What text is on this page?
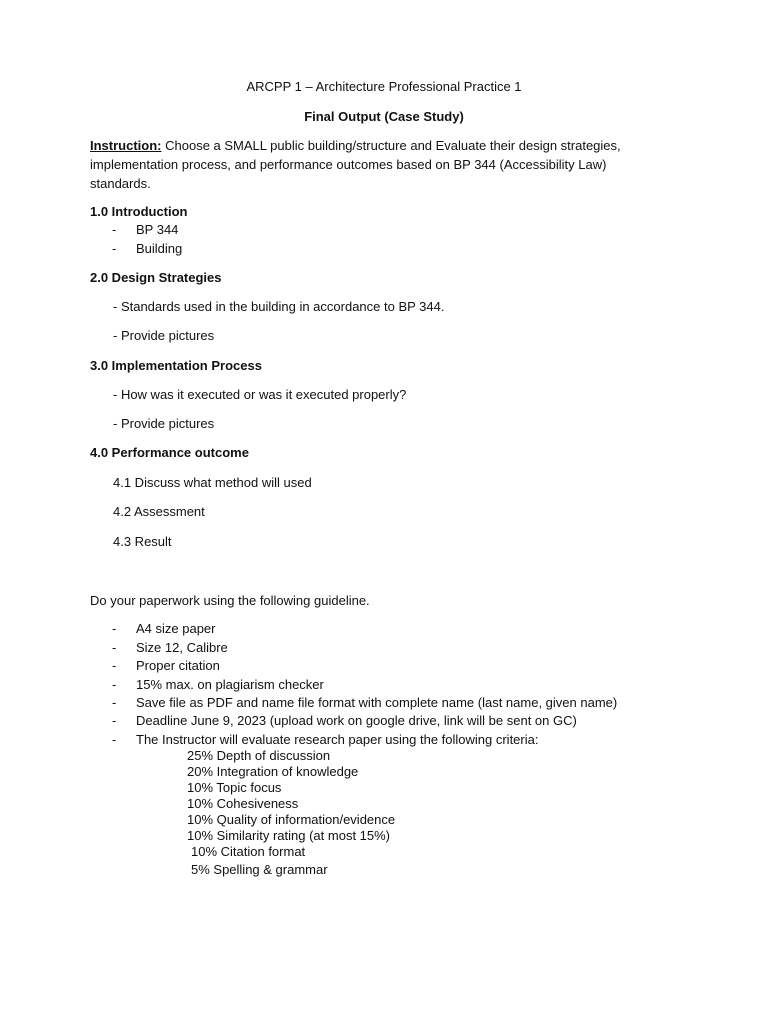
ARCPP 1 – Architecture Professional Practice 1
Final Output (Case Study)
Instruction: Choose a SMALL public building/structure and Evaluate their design strategies, implementation process, and performance outcomes based on BP 344 (Accessibility Law) standards.
1.0 Introduction
- BP 344
- Building
2.0 Design Strategies
- Standards used in the building in accordance to BP 344.
- Provide pictures
3.0 Implementation Process
- How was it executed or was it executed properly?
- Provide pictures
4.0 Performance outcome
4.1 Discuss what method will used
4.2 Assessment
4.3 Result
Do your paperwork using the following guideline.
- A4 size paper
- Size 12, Calibre
- Proper citation
- 15% max. on plagiarism checker
- Save file as PDF and name file format with complete name (last name, given name)
- Deadline June 9, 2023 (upload work on google drive, link will be sent on GC)
- The Instructor will evaluate research paper using the following criteria:
25% Depth of discussion
20% Integration of knowledge
10% Topic focus
10% Cohesiveness
10% Quality of information/evidence
10% Similarity rating (at most 15%)
10% Citation format
5% Spelling & grammar
